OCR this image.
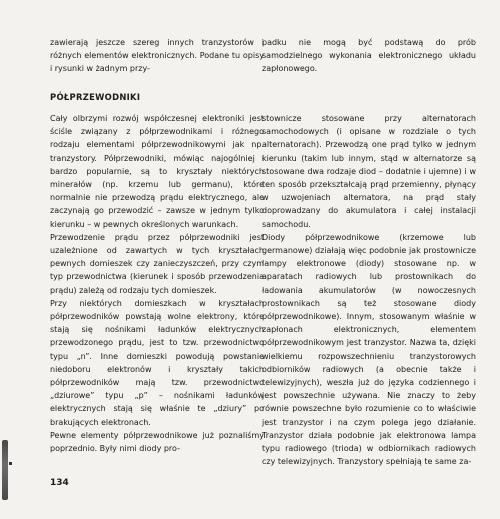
zawierają jeszcze szereg innych tranzystorów i różnych elementów elektronicznych. Podane tu opisy i rysunki w żadnym przy-

padku nie mogą być podstawą do prób samodzielnego wykonania elektronicznego układu zapłonowego.

PÓŁPRZEWODNIKI

Cały olbrzymi rozwój współczesnej elektroniki jest ściśle związany z półprzewodnikami i różnego rodzaju elementami półprzewodnikowymi jak np. tranzystory. Półprzewodniki, mówiąc najogólniej i bardzo popularnie, są to kryształy niektórych minerałów (np. krzemu lub germanu), które normalnie nie przewodzą prądu elektrycznego, ale zaczynają go przewodzić – zawsze w jednym tylko kierunku – w pewnych określonych warunkach.

Przewodzenie prądu przez półprzewodniki jest uzależnione od zawartych w tych kryształach pewnych domieszek czy zanieczyszczeń, przy czym typ przewodnictwa (kierunek i sposób przewodzenia prądu) zależą od rodzaju tych domieszek.

Przy niektórych domieszkach w kryształach półprzewodników powstają wolne elektrony, które stają się nośnikami ładunków elektrycznych przewodzonego prądu, jest to tzw. przewodnictwo typu „n”. Inne domieszki powodują powstanie niedoboru elektronów i kryształy takich półprzewodników mają tzw. przewodnictwo „dziurowe” typu „p” – nośnikami ładunków elektrycznych stają się właśnie te „dziury” po brakujących elektronach.

Pewne elementy półprzewodnikowe już poznaliśmy poprzednio. Były nimi diody pro-

stownicze stosowane przy alternatorach samochodowych (i opisane w rozdziale o tych alternatorach). Przewodzą one prąd tylko w jednym kierunku (takim lub innym, stąd w alternatorze są stosowane dwa rodzaje diod – dodatnie i ujemne) i w ten sposób przekształcają prąd przemienny, płynący w uzwojeniach alternatora, na prąd stały doprowadzany do akumulatora i całej instalacji samochodu.

Diody półprzewodnikowe (krzemowe lub germanowe) działają więc podobnie jak prostownicze lampy elektronowe (diody) stosowane np. w aparatach radiowych lub prostownikach do ładowania akumulatorów (w nowoczesnych prostownikach są też stosowane diody półprzewodnikowe). Innym, stosowanym właśnie w zapłonach elektronicznych, elementem półprzewodnikowym jest tranzystor. Nazwa ta, dzięki wielkiemu rozpowszechnieniu tranzystorowych odbiorników radiowych (a obecnie także i telewizyjnych), weszła już do języka codziennego i jest powszechnie używana. Nie znaczy to żeby równie powszechne było rozumienie co to właściwie jest tranzystor i na czym polega jego działanie. Tranzystor działa podobnie jak elektronowa lampa typu radiowego (trioda) w odbiornikach radiowych czy telewizyjnych. Tranzystory spełniają te same za-

134
